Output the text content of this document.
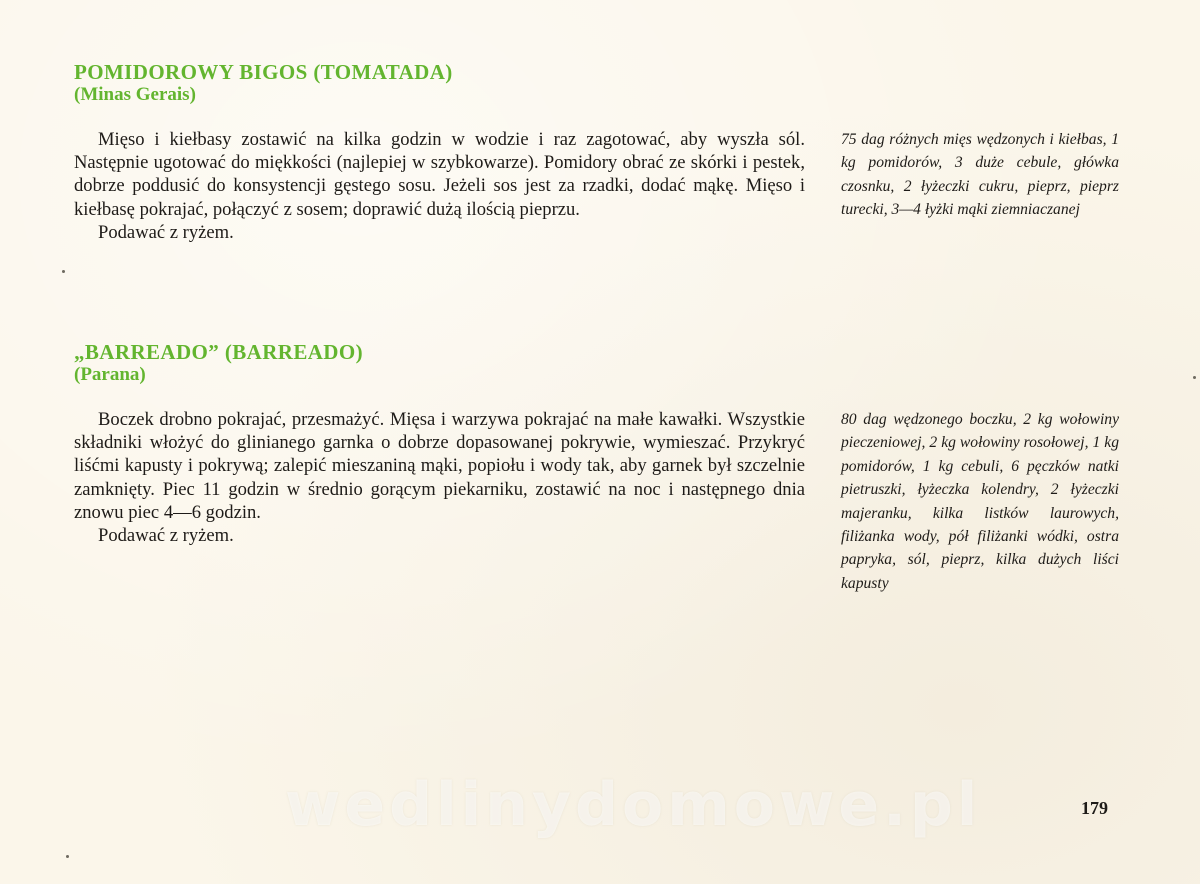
POMIDOROWY BIGOS (TOMATADA)
(Minas Gerais)

Mięso i kiełbasy zostawić na kilka godzin w wodzie i raz zagotować, aby wyszła sól. Następnie ugotować do miękkości (najlepiej w szybkowarze). Pomidory obrać ze skórki i pestek, dobrze poddusić do konsystencji gęstego sosu. Jeżeli sos jest za rzadki, dodać mąkę. Mięso i kiełbasę pokrajać, połączyć z sosem; doprawić dużą ilością pieprzu.

Podawać z ryżem.

75 dag różnych mięs wędzonych i kiełbas, 1 kg pomidorów, 3 duże cebule, główka czosnku, 2 łyżeczki cukru, pieprz, pieprz turecki, 3—4 łyżki mąki ziemniaczanej

„BARREADO” (BARREADO)
(Parana)

Boczek drobno pokrajać, przesmażyć. Mięsa i warzywa pokrajać na małe kawałki. Wszystkie składniki włożyć do glinianego garnka o dobrze dopasowanej pokrywie, wymieszać. Przykryć liśćmi kapusty i pokrywą; zalepić mieszaniną mąki, popiołu i wody tak, aby garnek był szczelnie zamknięty. Piec 11 godzin w średnio gorącym piekarniku, zostawić na noc i następnego dnia znowu piec 4—6 godzin.

Podawać z ryżem.

80 dag wędzonego boczku, 2 kg wołowiny pieczeniowej, 2 kg wołowiny rosołowej, 1 kg pomidorów, 1 kg cebuli, 6 pęczków natki pietruszki, łyżeczka kolendry, 2 łyżeczki majeranku, kilka listków laurowych, filiżanka wody, pół filiżanki wódki, ostra papryka, sól, pieprz, kilka dużych liści kapusty

wedlinydomowe.pl	179
